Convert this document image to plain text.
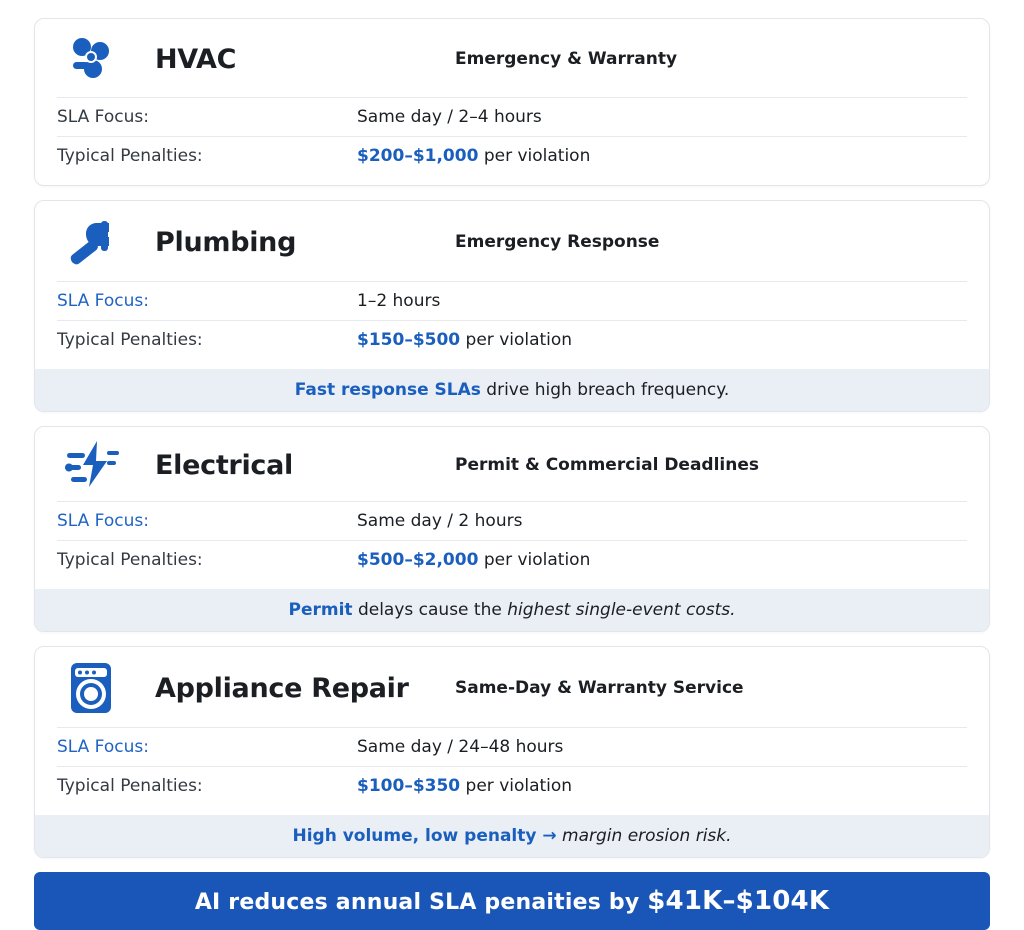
HVAC	Emergency & Warranty
SLA Focus:	Same day / 2–4 hours
Typical Penalties:	$200–$1,000 per violation
Plumbing	Emergency Response
SLA Focus:	1–2 hours
Typical Penalties:	$150–$500 per violation
Fast response SLAs drive high breach frequency.
Electrical	Permit & Commercial Deadlines
SLA Focus:	Same day / 2 hours
Typical Penalties:	$500–$2,000 per violation
Permit delays cause the highest single-event costs.
Appliance Repair	Same-Day & Warranty Service
SLA Focus:	Same day / 24–48 hours
Typical Penalties:	$100–$350 per violation
High volume, low penalty → margin erosion risk.
AI reduces annual SLA penaities by $41K–$104K
